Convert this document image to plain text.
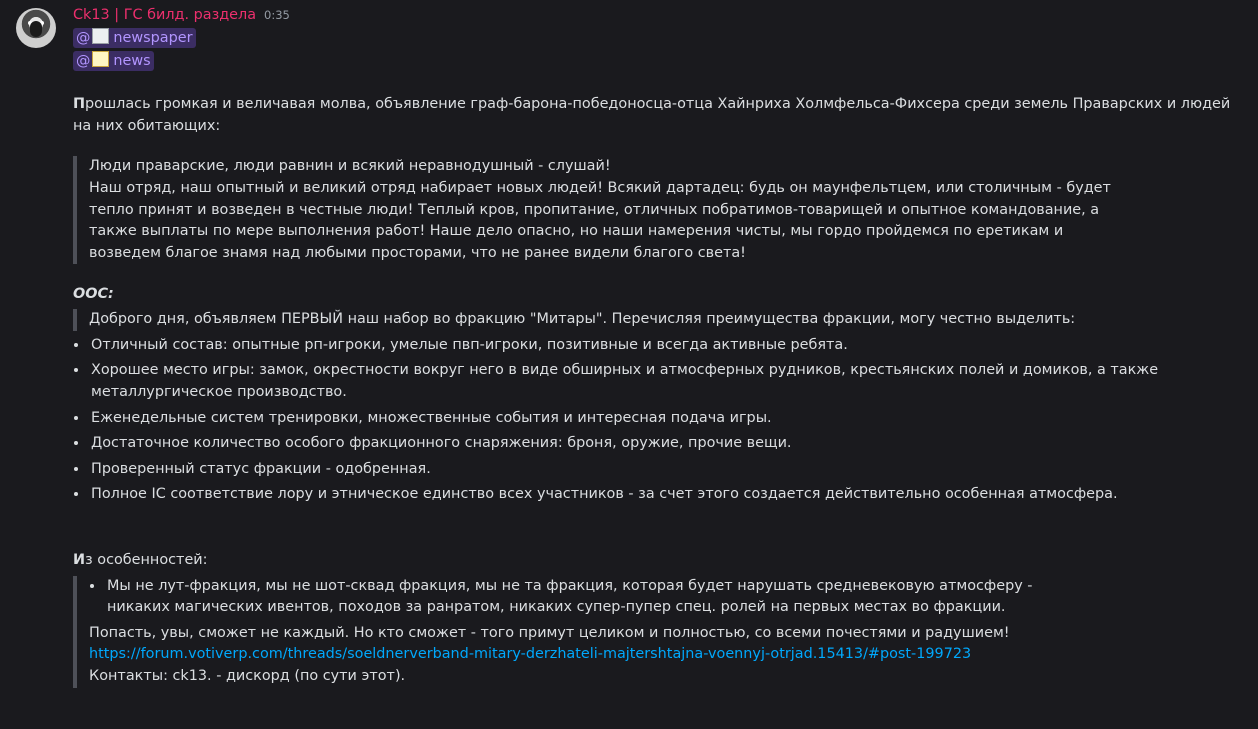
Ck13 | ГС билд. раздела 0:35
@ newspaper
@ news

Прошлась громкая и величавая молва, объявление граф-барона-победоносца-отца Хайнриха Холмфельса-Фихсера среди земель Праварских и людей на них обитающих:

Люди праварские, люди равнин и всякий неравнодушный - слушай!

Наш отряд, наш опытный и великий отряд набирает новых людей! Всякий дартадец: будь он маунфельтцем, или столичным - будет тепло принят и возведен в честные люди! Теплый кров, пропитание, отличных побратимов-товарищей и опытное командование, а также выплаты по мере выполнения работ! Наше дело опасно, но наши намерения чисты, мы гордо пройдемся по еретикам и возведем благое знамя над любыми просторами, что не ранее видели благого света!

OOC:

Доброго дня, объявляем ПЕРВЫЙ наш набор во фракцию "Митары". Перечисляя преимущества фракции, могу честно выделить:

• Отличный состав: опытные рп-игроки, умелые пвп-игроки, позитивные и всегда активные ребята.
• Хорошее место игры: замок, окрестности вокруг него в виде обширных и атмосферных рудников, крестьянских полей и домиков, а также металлургическое производство.
• Еженедельные систем тренировки, множественные события и интересная подача игры.
• Достаточное количество особого фракционного снаряжения: броня, оружие, прочие вещи.
• Проверенный статус фракции - одобренная.
• Полное IC соответствие лору и этническое единство всех участников - за счет этого создается действительно особенная атмосфера.

Из особенностей:

• Мы не лут-фракция, мы не шот-сквад фракция, мы не та фракция, которая будет нарушать средневековую атмосферу - никаких магических ивентов, походов за ранратом, никаких супер-пупер спец. ролей на первых местах во фракции.

Попасть, увы, сможет не каждый. Но кто сможет - того примут целиком и полностью, со всеми почестями и радушием!

https://forum.votiverp.com/threads/soeldnerverband-mitary-derzhateli-majtershtajna-voennyj-otrjad.15413/#post-199723

Контакты: ck13. - дискорд (по сути этот).
